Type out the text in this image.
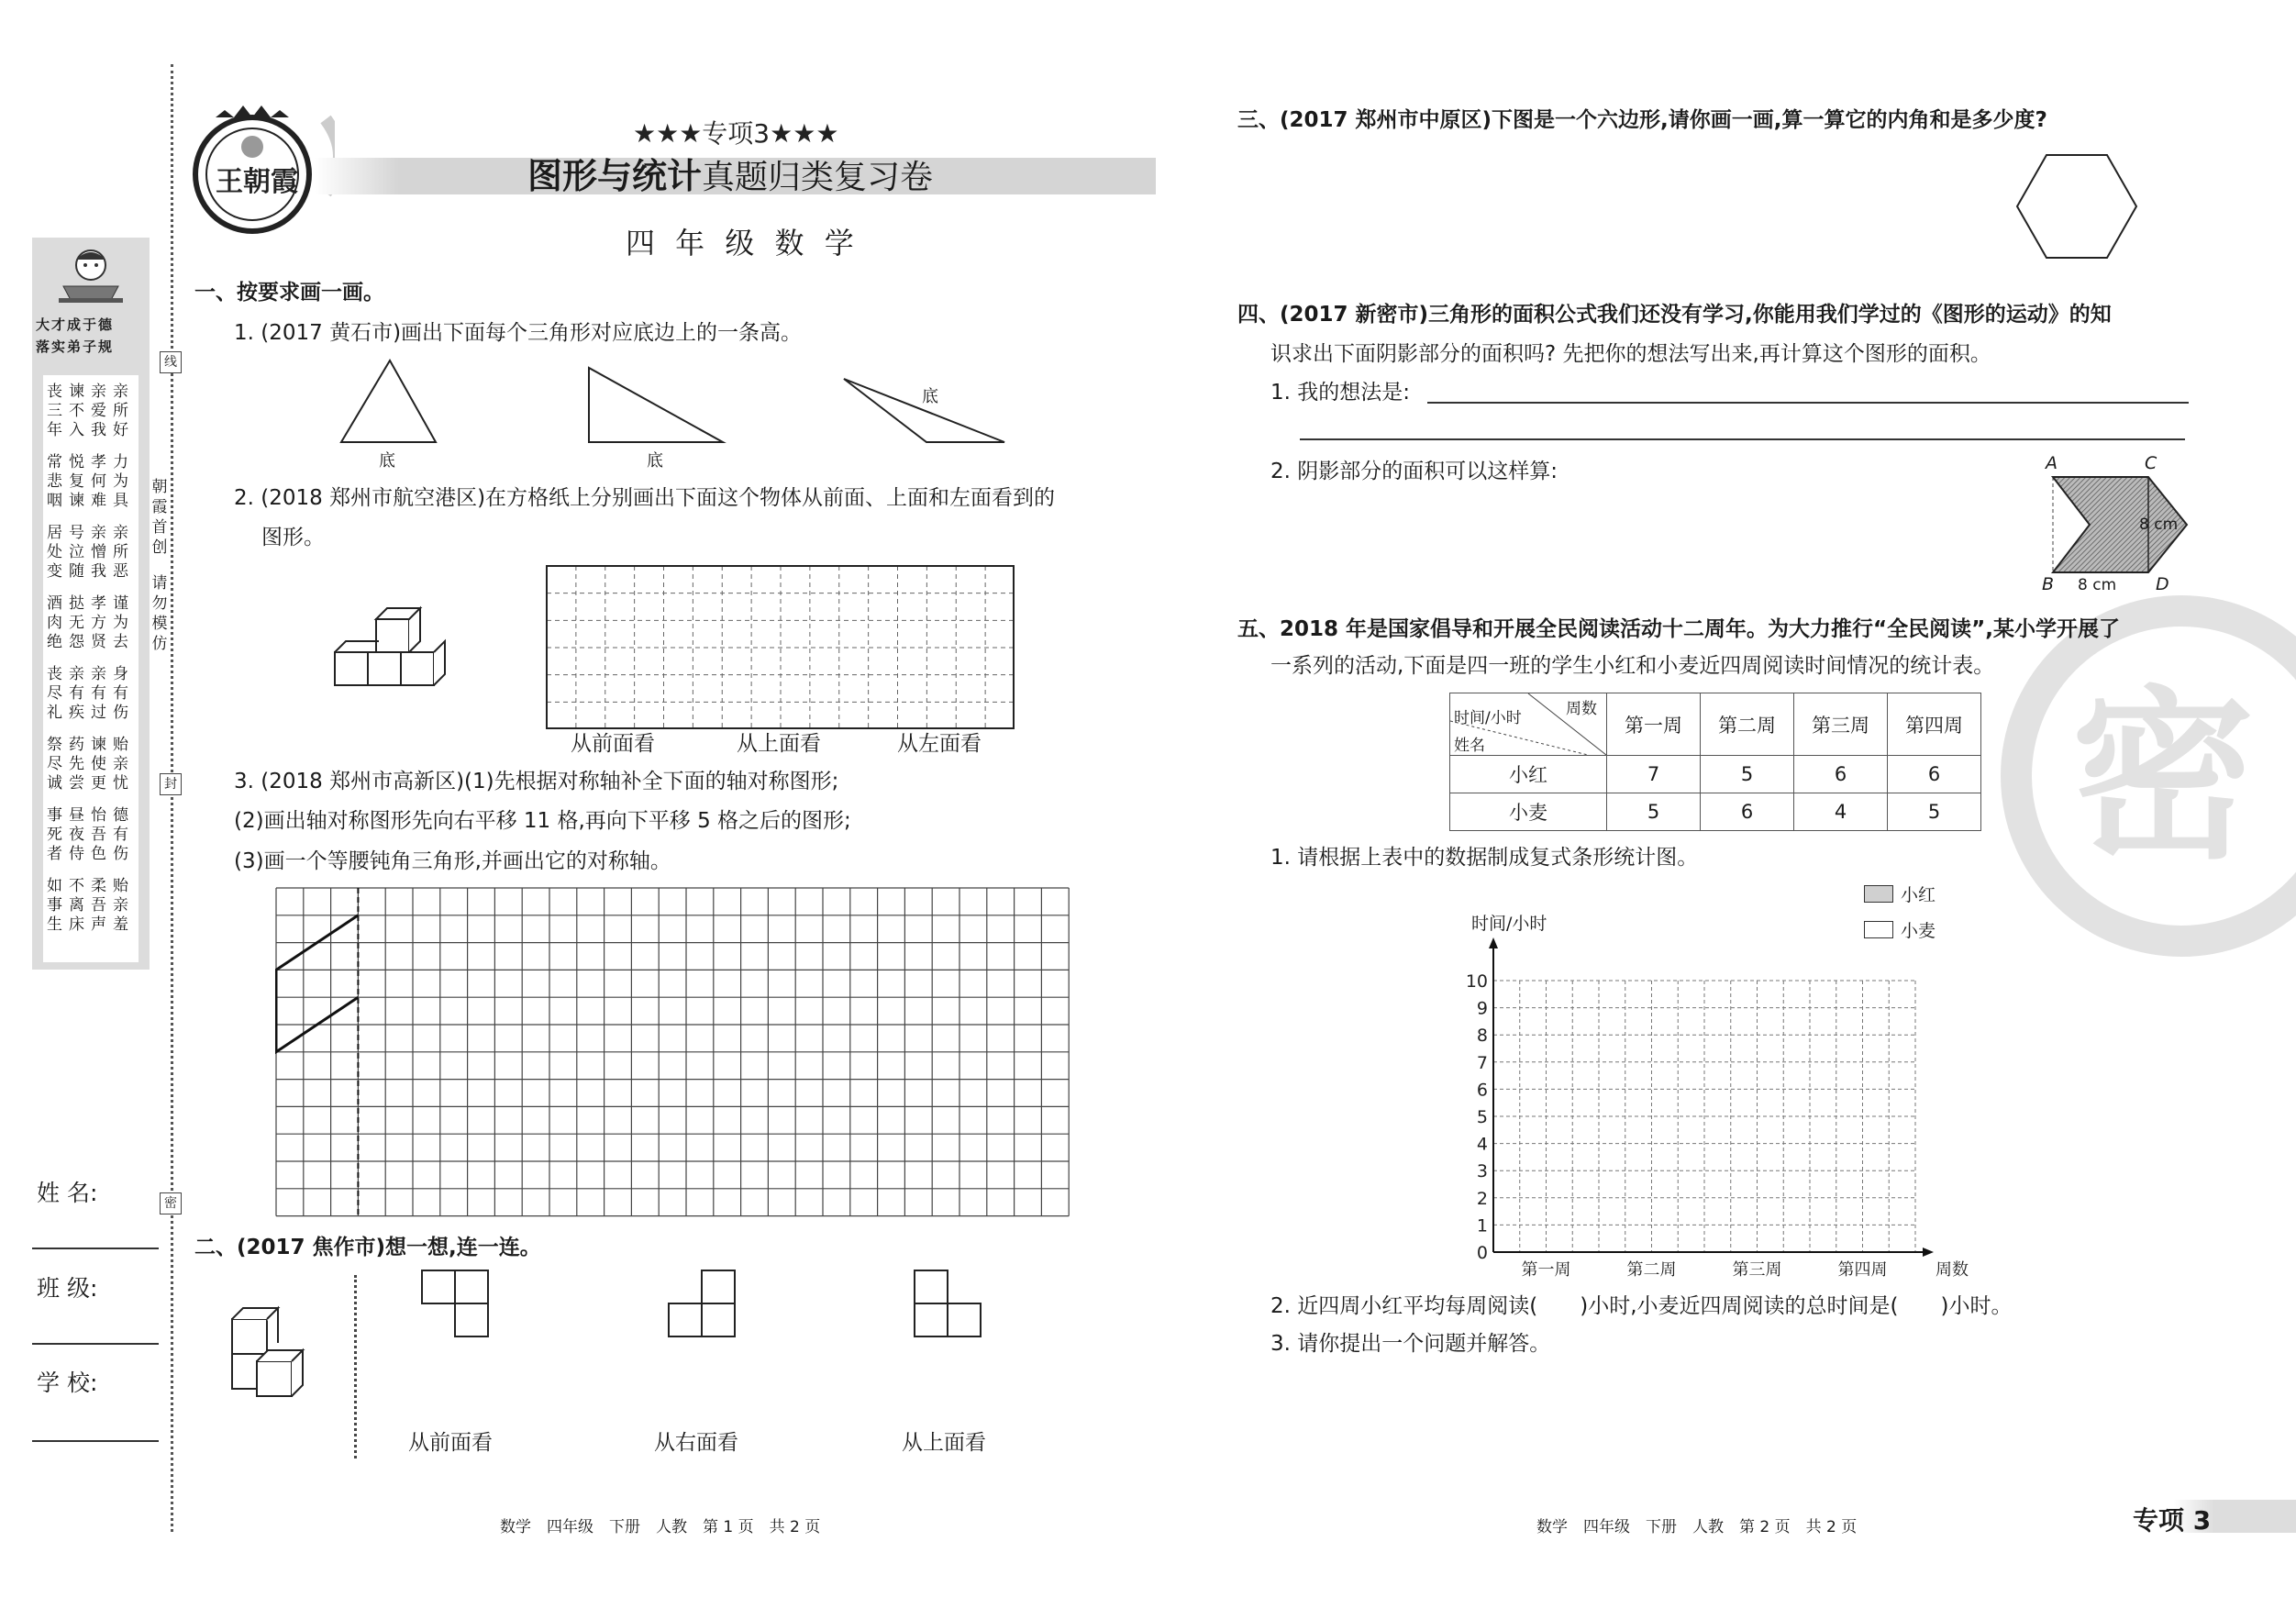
大才成于德
落实弟子规
丧谏亲亲
三不爱所
年入我好
常悦孝力
悲复何为
咽谏难具
居号亲亲
处泣憎所
变随我恶
酒挞孝谨
肉无方为
绝怨贤去
丧亲亲身
尽有有有
礼疾过伤
祭药谏贻
尽先使亲
诚尝更忧
事昼怡德
死夜吾有
者侍色伤
如不柔贻
事离吾亲
生床声羞
线
朝霞首创
请勿模仿
封
密
姓 名:
班 级:
学 校:
王朝霞
★★★专项3★★★
图形与统计真题归类复习卷
四 年 级 数 学
一、按要求画一画。
1. (2017 黄石市)画出下面每个三角形对应底边上的一条高。
底	底
底
2. (2018 郑州市航空港区)在方格纸上分别画出下面这个物体从前面、上面和左面看到的
图形。
从前面看	从上面看	从左面看
3. (2018 郑州市高新区)(1)先根据对称轴补全下面的轴对称图形;
(2)画出轴对称图形先向右平移 11 格,再向下平移 5 格之后的图形;
(3)画一个等腰钝角三角形,并画出它的对称轴。
二、(2017 焦作市)想一想,连一连。
从前面看	从右面看	从上面看
数学　四年级　下册　人教　第 1 页　共 2 页
三、(2017 郑州市中原区)下图是一个六边形,请你画一画,算一算它的内角和是多少度?
四、(2017 新密市)三角形的面积公式我们还没有学习,你能用我们学过的《图形的运动》的知
识求出下面阴影部分的面积吗? 先把你的想法写出来,再计算这个图形的面积。
1. 我的想法是:
2. 阴影部分的面积可以这样算:	A	C
B	D
8 cm
8 cm
密
五、2018 年是国家倡导和开展全民阅读活动十二周年。为大力推行“全民阅读”,某小学开展了
一系列的活动,下面是四一班的学生小红和小麦近四周阅读时间情况的统计表。
周数
时间/小时
姓名	第一周	第二周	第三周	第四周
小红	7	5	6	6
小麦	5	6	4	5
1. 请根据上表中的数据制成复式条形统计图。
小红
小麦
时间/小时
0
1
2
3
4
5
6
7
8
9
10
第一周	第二周	第三周	第四周	周数
2. 近四周小红平均每周阅读(　　)小时,小麦近四周阅读的总时间是(　　)小时。
3. 请你提出一个问题并解答。
数学　四年级　下册　人教　第 2 页　共 2 页	专项 3
